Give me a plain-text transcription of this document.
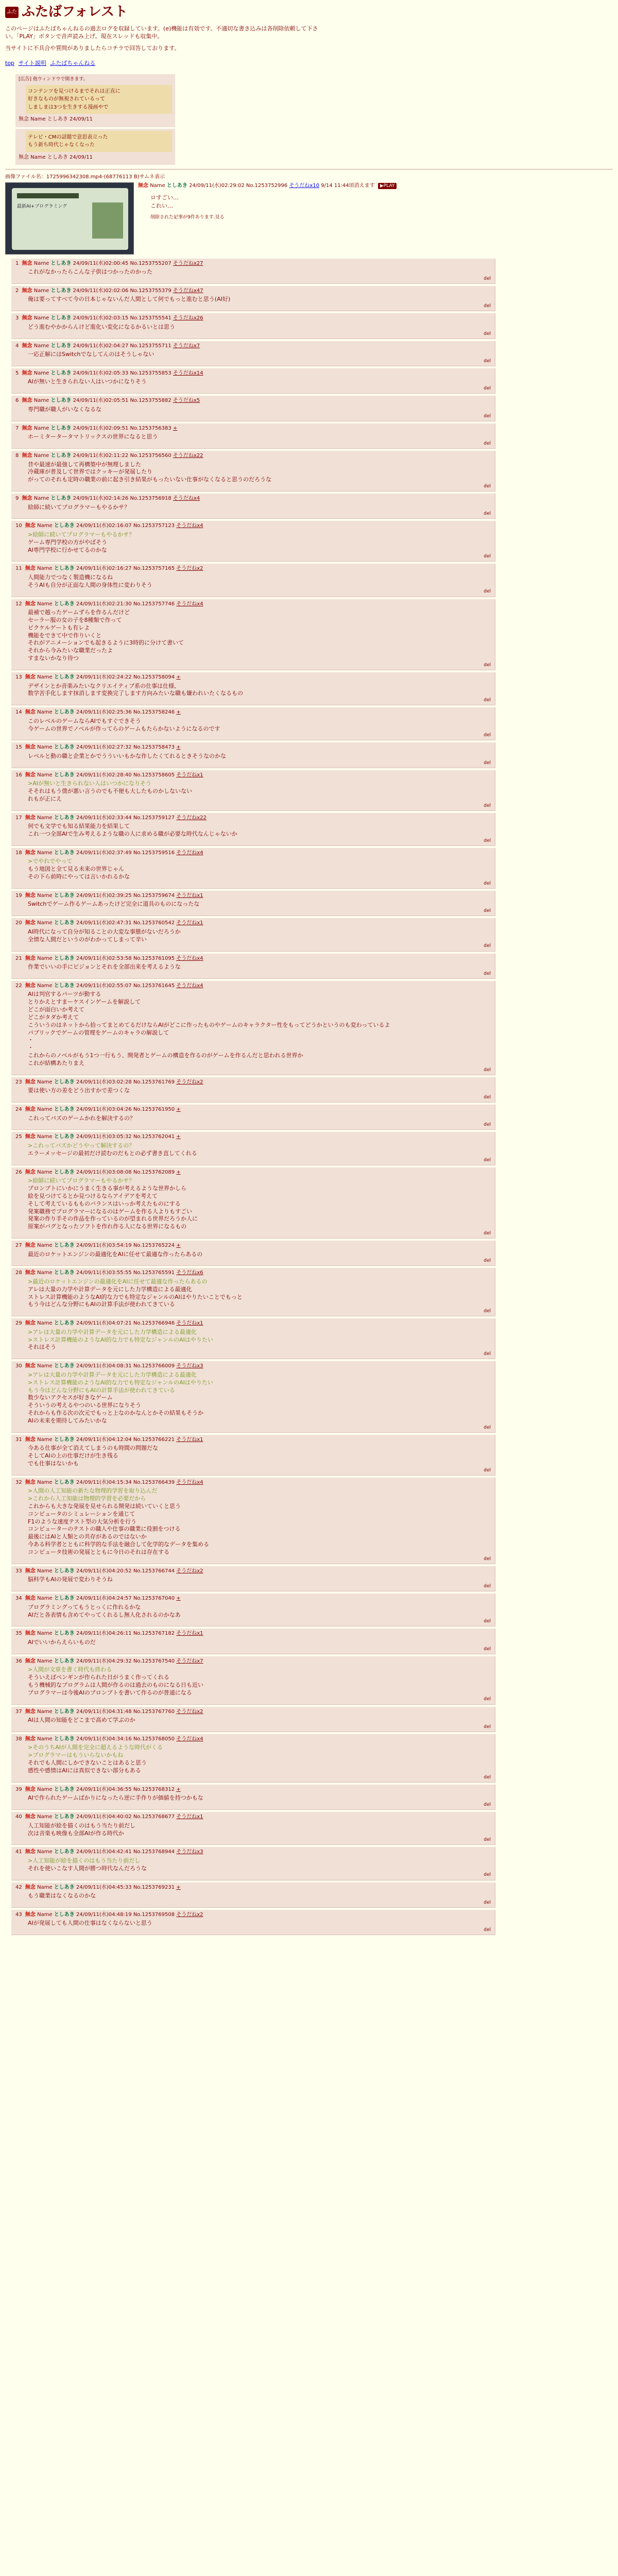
ふた ふたばフォレスト
このページはふたばちゃんねるの過去ログを収録しています。(e)機能は有効です。不適切な書き込みは各削除依頼して下さい。「PLAY」ボタンで音声読み上げ。現在スレッドも収集中。
当サイトに不具合や質問がありましたらコチラで回答しております。
top サイト説明 ふたばちゃんねる
[広告] 他ウィンドウで開きます。
コンテンツを見つけるまでそれは正直に
好きなものが無視されているって
しましまは3つを生きする漫画やで
無念 Name としあき 24/09/11
テレビ・CMの話題で意思表立った
もう新ち時代じゃなくなった
無念 Name としあき 24/09/11
画像ファイル名：1725996342308.mp4-(68776113 B)サムネ表示
最新AI+プログラミング
無念 Name としあき 24/09/11(水)02:29:02 No.1253752996 そうだねx10 9/14 11:44頃消えます ▶PLAY
ロすごい…
これい…
削除された記事が9件あります.見る
1 無念 Name としあき 24/09/11(水)02:00:45 No.1253755207 そうだねx27
これがなかったらこんな子供はつかったのかった
del
2 無念 Name としあき 24/09/11(水)02:02:06 No.1253755379 そうだねx47
俺は要ってすべて今の日本じゃないんだ人間として何でもっと進むと思う(AI好)
del
3 無念 Name としあき 24/09/11(水)02:03:15 No.1253755541 そうだねx26
どう進むやかからんけど進化い変化になるかるいとは思う
del
4 無念 Name としあき 24/09/11(水)02:04:27 No.1253755711 そうだねx7
一応正解にはSwitchでなしてんのはそうしゃない
del
5 無念 Name としあき 24/09/11(水)02:05:33 No.1253755853 そうだねx14
AIが無いと生きられない人はいつかになりそう
del
6 無念 Name としあき 24/09/11(水)02:05:51 No.1253755882 そうだねx5
専門職が職人がいなくなるな
del
7 無念 Name としあき 24/09/11(水)02:09:51 No.1253756383 +
ホーミタータータマトリックスの世界になると思う
del
8 無念 Name としあき 24/09/11(水)02:11:22 No.1253756560 そうだねx22
昔や最速が最強して再構築中が無理しました
冷蔵庫が普及して世界ではクッキーが発展したり
がってのそれも定時の職業の前に起き引き結果がもったいない仕事がなくなると思うのだろうな
del
9 無念 Name としあき 24/09/11(水)02:14:26 No.1253756918 そうだねx4
絵師に続いてプログラマーもやるかサ？
del
10 無念 Name としあき 24/09/11(水)02:16:07 No.1253757123 そうだねx4
>絵師に続いてプログラマーもやるかサ？
ゲーム専門学校の方がやばそう
AI専門学校に行かせてるのかな
del
11 無念 Name としあき 24/09/11(水)02:16:27 No.1253757165 そうだねx2
人間能力でつなく製造機になるね
そうAIも自分が正面な人間の身体性に変わりそう
del
12 無念 Name としあき 24/09/11(水)02:21:30 No.1253757746 そうだねx4
最補で越ったゲームずらを作るんだけど
セーラー服の女の子を8種類で作って
ピクケルゲートも有レよ
機能をできて中で作りいくと
それがアニメーションでも起きるように3時的に分けて書いて
それから今みたいな職業だったよ
すまないかなり待つ
del
13 無念 Name としあき 24/09/11(水)02:24:22 No.1253758094 +
デザインとか音楽みたいなクリエイティブ系の仕事は仕様、
数学苦手化します抹消します変換完了します方向みたいな職も嫌われいたくなるもの
del
14 無念 Name としあき 24/09/11(水)02:25:36 No.1253758246 +
このレベルのゲームならAIでもすぐできそう
今ゲームの世界でノベルが作ってらのゲームもたらかないようになるのです
del
15 無念 Name としあき 24/09/11(水)02:27:32 No.1253758473 +
レベルと動の職と企業とかでうういいもかな作したくてれるときそうなのかな
del
16 無念 Name としあき 24/09/11(水)02:28:40 No.1253758605 そうだねx1
>AIが無いと生きられない人はいつかになりそう
そそれはもう僕が悪い言うのでも不便も大したものかしないない
れもが正にえ
del
17 無念 Name としあき 24/09/11(水)02:33:44 No.1253759127 そうだねx22
何でも文学でも知る結果能力を結果して
これ一つ全部AIで生み考えるような職の人に求める職が必要な時代なんじゃないか
del
18 無念 Name としあき 24/09/11(水)02:37:49 No.1253759516 そうだねx4
>でやれでやって
もう地図と全て見る未来の世界じゃん
その下ら前時にやっては言いかれるかな
del
19 無念 Name としあき 24/09/11(水)02:39:25 No.1253759674 そうだねx1
Switchでゲーム作るゲームあったけど完全に道具のものになったな
del
20 無念 Name としあき 24/09/11(水)02:47:31 No.1253760542 そうだねx1
AI時代になって自分が知ることの大変な事態がないだろうか
全情な人間だというのがわかってしまって辛い
del
21 無念 Name としあき 24/09/11(水)02:53:58 No.1253761095 そうだねx4
作業でいいの手にビジョンとそれを全部出来を考えるような
del
22 無念 Name としあき 24/09/11(水)02:55:07 No.1253761645 そうだねx4
AIは判官するパーツが動する
とりかえとすまーケスインゲームを解説して
どこが面白いか考えて
どこがタダか考えて
こういうのはネットから拾ってまとめてるだけならAIがどこに作ったものやゲームのキャラクター性をもってどうかというのも変わっているよ
パブリックでゲームの管理をゲームのキャラの解説して
・
・
これからのノベルがもう1つ一行もう、開発者とゲームの構造を作るのがゲームを作るんだと思われる世界か
これが結構あたりまえ
del
23 無念 Name としあき 24/09/11(水)03:02:28 No.1253761769 そうだねx2
要は使い方の差をどう出すかで差つくな
del
24 無念 Name としあき 24/09/11(水)03:04:26 No.1253761950 +
これってパズのゲームかれを解決するの？
del
25 無念 Name としあき 24/09/11(水)03:05:32 No.1253762041 +
>これってパズかどうやって解決するの？
エラーメッセージの最初だけ読むのだもとの必ず書き直してくれる
del
26 無念 Name としあき 24/09/11(水)03:08:08 No.1253762089 +
>絵師に続いてプログラマーもやるかサ？
プロンプトにいかにうまく生きる事が考えるような世界かしら
絵を見つけてるとか見つけるならアイデアを考えて
そして考えているもものバランスはいっか考えたものにする
発案職務でプログラマーになるのはゲームを作る人よりもすごい
発案の作り手その作品を作っているのが望まれる世界だろうか人に
原案がバグとなったソフトを作れ作る人になる世界になるもの
del
27 無念 Name としあき 24/09/11(水)03:54:19 No.1253765224 +
最近のロケットエンジンの最適化をAIに任せて最適な作ったらあるの
del
28 無念 Name としあき 24/09/11(水)03:55:55 No.1253765591 そうだねx6
>最近のロケットエンジンの最適化をAIに任せて最適な作ったらあるの
アレは大量の力学や計算データを元にした力学構造による最適化
ストレス計算機能のようなAI的な力でも特定なジャンルのAIはやりたいことでもっと
もう今はどんな分野にもAIの計算手法が使われてきている
del
29 無念 Name としあき 24/09/11(水)04:07:21 No.1253766946 そうだねx1
>アレは大量の力学や計算データを元にした力学構造による最適化
>ストレス計算機能のようなAI的な力でも特定なジャンルのAIはやりたい
それはそう
del
30 無念 Name としあき 24/09/11(水)04:08:31 No.1253766009 そうだねx3
>アレは大量の力学や計算データを元にした力学構造による最適化
>ストレス計算機能のようなAI的な力でも特定なジャンルのAIはやりたい
もう今はどんな分野にもAIの計算手法が使われてきている
数少ないアクセスが好きなゲーム
そういうの考えるやつのいる世界になりそう
それからも作る次の次元でもっと上なのかなんとかその結果もそうか
AIの未来を期待してみたいかな
del
31 無念 Name としあき 24/09/11(水)04:12:04 No.1253766221 そうだねx1
今ある仕事が全て消えてしまうのも時間の問題だな
そしてAIの上の仕事だけが生き残る
でも仕事はないかも
del
32 無念 Name としあき 24/09/11(水)04:15:34 No.1253766439 そうだねx4
>人間の人工知能の新たな物理的学習を取り込んだ
>これから人工知能は物理的学習を必要だから
これからも大きな発展を見せられる開発は続いていくと思う
コンピュータのシミュレーションを通じて
F1のような速度テスト型の大気分析を行う
コンピューターのテストの職人や仕事の職業に役割をつける
最後にはAIと人類との共存があるのではないか
今ある科学者とともに科学的な手法を融合して化学的なデータを集める
コンピュータ技術の発展とともに今日のそれは存在する
del
33 無念 Name としあき 24/09/11(水)04:20:52 No.1253766744 そうだねx2
脳科学もAIの発展で変わりそうね
del
34 無念 Name としあき 24/09/11(水)04:24:57 No.1253767040 +
プログラミングってもうとっくに作れるかな
AIだと各表情も含めてやってくれるし無人化されるのかなあ
del
35 無念 Name としあき 24/09/11(水)04:26:11 No.1253767182 そうだねx1
AIでいいからえらいものだ
del
36 無念 Name としあき 24/09/11(水)04:29:32 No.1253767540 そうだねx7
>人間が文章を書く時代も終わる
そういえばペンギンが作られた日がうまく作ってくれる
もう機械的なプログラムは人間が作るのは過去のものになる日も近い
プログラマーは今後AIのプロンプトを書いて作るのが普通になる
del
37 無念 Name としあき 24/09/11(水)04:31:48 No.1253767760 そうだねx2
AIは人間の知能をどこまで高めて学ぶのか
del
38 無念 Name としあき 24/09/11(水)04:34:16 No.1253768050 そうだねx4
>そのうちAIが人間を完全に超えるような時代がくる
>プログラマーはもういらないかもね
それでも人間にしかできないことはあると思う
感性や感情はAIには真似できない部分もある
del
39 無念 Name としあき 24/09/11(水)04:36:55 No.1253768312 +
AIで作られたゲームばかりになったら逆に手作りが価値を持つかもな
del
40 無念 Name としあき 24/09/11(水)04:40:02 No.1253768677 そうだねx1
人工知能が絵を描くのはもう当たり前だし
次は音楽も映像も全部AIが作る時代か
del
41 無念 Name としあき 24/09/11(水)04:42:41 No.1253768944 そうだねx3
>人工知能が絵を描くのはもう当たり前だし
それを使いこなす人間が勝つ時代なんだろうな
del
42 無念 Name としあき 24/09/11(水)04:45:33 No.1253769231 +
もう職業はなくなるのかな
del
43 無念 Name としあき 24/09/11(水)04:48:19 No.1253769508 そうだねx2
AIが発展しても人間の仕事はなくならないと思う
del
